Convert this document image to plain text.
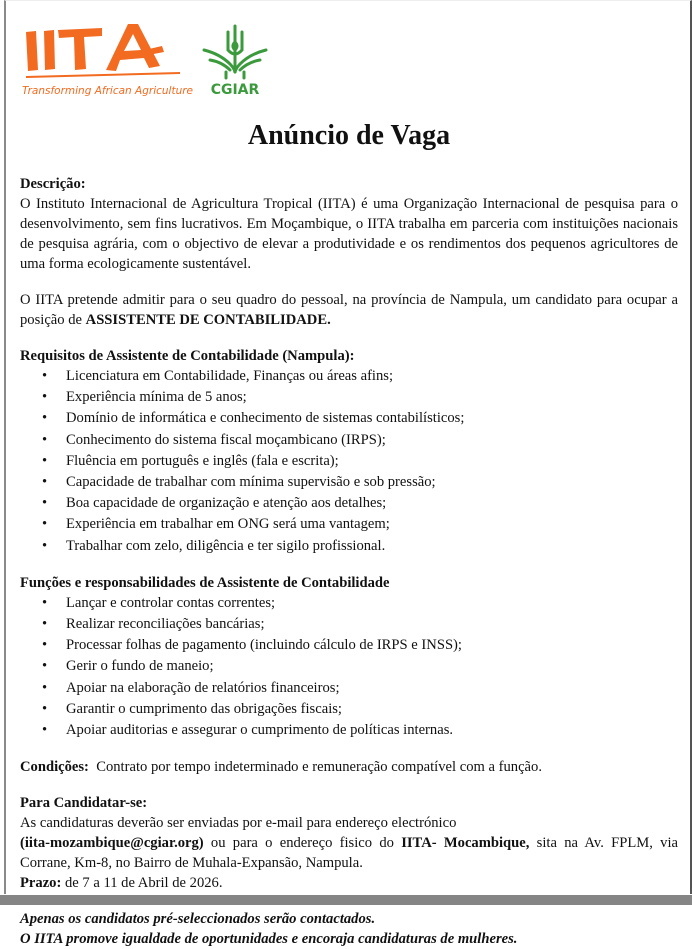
Transforming African Agriculture CGIAR
Anúncio de Vaga
Descrição:

O Instituto Internacional de Agricultura Tropical (IITA) é uma Organização Internacional de pesquisa para o desenvolvimento, sem fins lucrativos. Em Moçambique, o IITA trabalha em parceria com instituições nacionais de pesquisa agrária, com o objectivo de elevar a produtividade e os rendimentos dos pequenos agricultores de uma forma ecologicamente sustentável.

O IITA pretende admitir para o seu quadro do pessoal, na província de Nampula, um candidato para ocupar a posição de ASSISTENTE DE CONTABILIDADE.

Requisitos de Assistente de Contabilidade (Nampula):
• Licenciatura em Contabilidade, Finanças ou áreas afins;
• Experiência mínima de 5 anos;
• Domínio de informática e conhecimento de sistemas contabilísticos;
• Conhecimento do sistema fiscal moçambicano (IRPS);
• Fluência em português e inglês (fala e escrita);
• Capacidade de trabalhar com mínima supervisão e sob pressão;
• Boa capacidade de organização e atenção aos detalhes;
• Experiência em trabalhar em ONG será uma vantagem;
• Trabalhar com zelo, diligência e ter sigilo profissional.
Funções e responsabilidades de Assistente de Contabilidade
• Lançar e controlar contas correntes;
• Realizar reconciliações bancárias;
• Processar folhas de pagamento (incluindo cálculo de IRPS e INSS);
• Gerir o fundo de maneio;
• Apoiar na elaboração de relatórios financeiros;
• Garantir o cumprimento das obrigações fiscais;
• Apoiar auditorias e assegurar o cumprimento de políticas internas.

Condições:  Contrato por tempo indeterminado e remuneração compatível com a função.

Para Candidatar-se:

As candidaturas deverão ser enviadas por e-mail para endereço electrónico

(iita-mozambique@cgiar.org) ou para o endereço fisico do IITA- Mocambique, sita na Av. FPLM, via Corrane, Km-8, no Bairro de Muhala-Expansão, Nampula.

Prazo: de 7 a 11 de Abril de 2026.

Apenas os candidatos pré-seleccionados serão contactados.

O IITA promove igualdade de oportunidades e encoraja candidaturas de mulheres.
